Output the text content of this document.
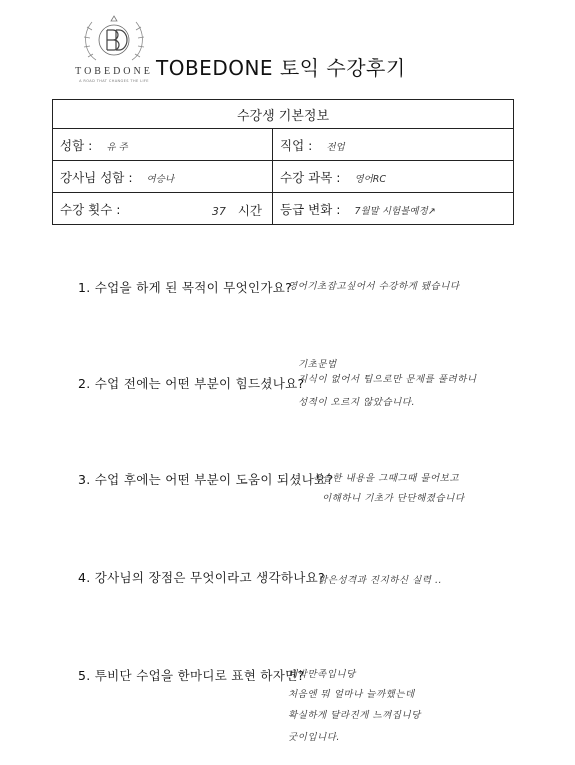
TOBEDONE
A ROAD THAT CHANGES THE LIFE
TOBEDONE 토익 수강후기
수강생 기본정보	
성함 : 유 주	직업 : 전업
강사님 성함 : 여승나	수강 과목 : 영어RC
수강 횟수 : 37 시간	등급 변화 : 7월말 시험볼예정↗
1. 수업을 하게 된 목적이 무엇인가요?
영어기초잡고싶어서 수강하게 됐습니다
기초문법
2. 수업 전에는 어떤 부분이 힘드셨나요?
지식이 없어서 팁으로만 문제를 풀려하니
성적이 오르지 않았습니다.
3. 수업 후에는 어떤 부분이 도움이 되셨나요?
복습한 내용을 그때그때 물어보고
이해하니 기초가 단단해졌습니다
4. 강사님의 장점은 무엇이라고 생각하나요?
밝은성격과 진지하신 실력 ..
5. 투비단 수업을 한마디로 표현 하자면?
대박만족입니당
처음엔 뭐 얼마나 늘까했는데
확실하게 달라진게 느껴집니당
굿이입니다.
